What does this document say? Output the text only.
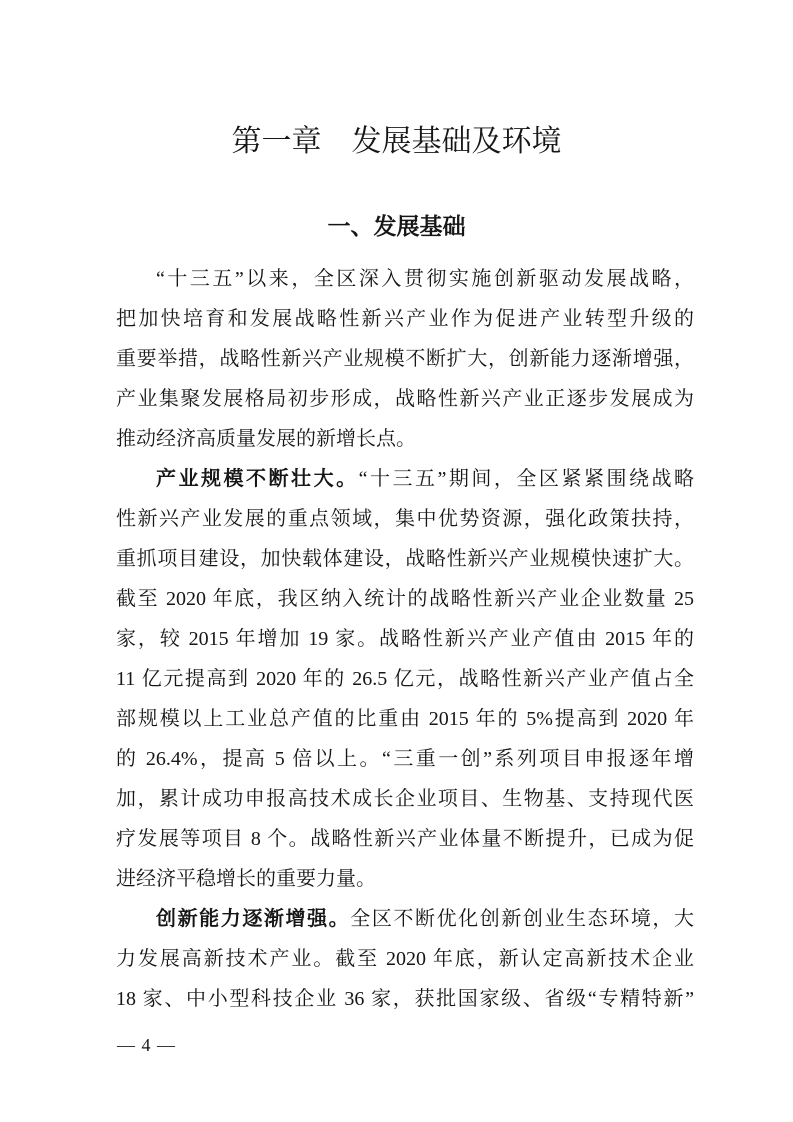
第一章　发展基础及环境
一、发展基础
“十三五”以来，全区深入贯彻实施创新驱动发展战略，
把加快培育和发展战略性新兴产业作为促进产业转型升级的
重要举措，战略性新兴产业规模不断扩大，创新能力逐渐增强，
产业集聚发展格局初步形成，战略性新兴产业正逐步发展成为
推动经济高质量发展的新增长点。
产业规模不断壮大。“十三五”期间，全区紧紧围绕战略
性新兴产业发展的重点领域，集中优势资源，强化政策扶持，
重抓项目建设，加快载体建设，战略性新兴产业规模快速扩大。
截至 2020 年底，我区纳入统计的战略性新兴产业企业数量 25
家，较 2015 年增加 19 家。战略性新兴产业产值由 2015 年的
11 亿元提高到 2020 年的 26.5 亿元，战略性新兴产业产值占全
部规模以上工业总产值的比重由 2015 年的 5%提高到 2020 年
的 26.4%，提高 5 倍以上。“三重一创”系列项目申报逐年增
加，累计成功申报高技术成长企业项目、生物基、支持现代医
疗发展等项目 8 个。战略性新兴产业体量不断提升，已成为促
进经济平稳增长的重要力量。
创新能力逐渐增强。全区不断优化创新创业生态环境，大
力发展高新技术产业。截至 2020 年底，新认定高新技术企业
18 家、中小型科技企业 36 家，获批国家级、省级“专精特新”
— 4 —
